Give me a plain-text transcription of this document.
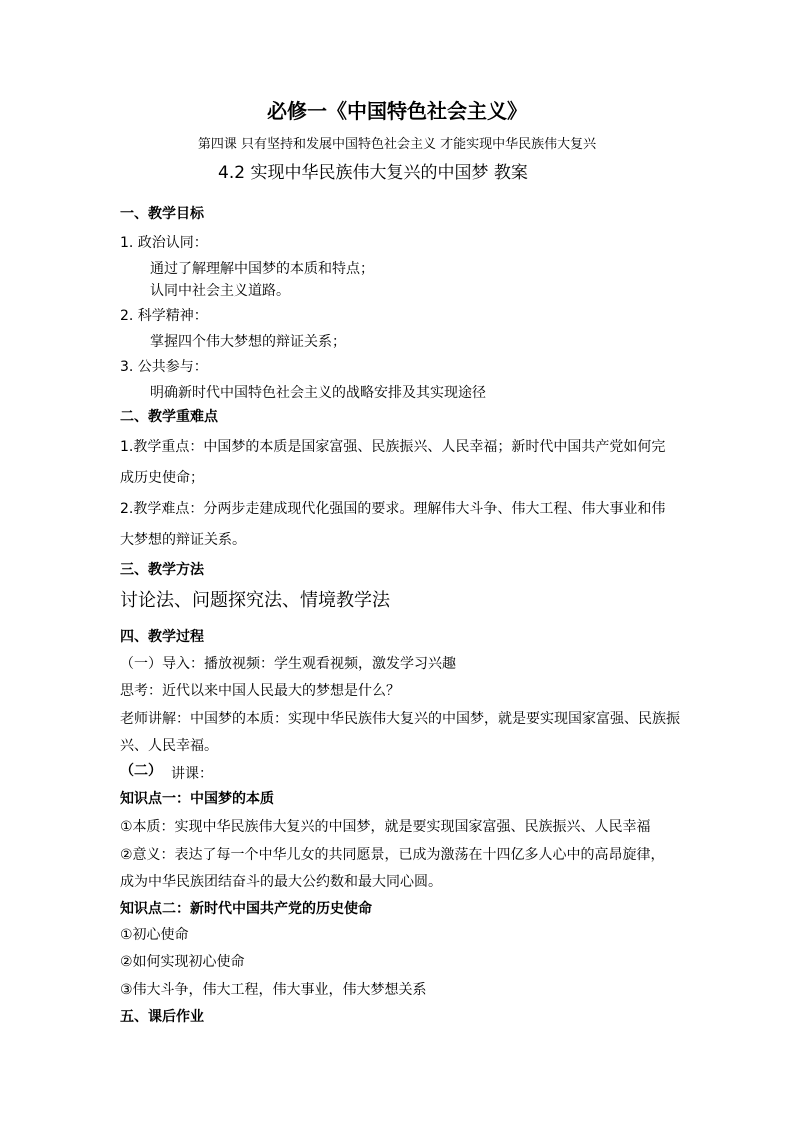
必修一《中国特色社会主义》
第四课 只有坚持和发展中国特色社会主义 才能实现中华民族伟大复兴
4.2 实现中华民族伟大复兴的中国梦 教案
一、教学目标
1. 政治认同：
通过了解理解中国梦的本质和特点；
认同中社会主义道路。
2. 科学精神：
掌握四个伟大梦想的辩证关系；
3. 公共参与：
明确新时代中国特色社会主义的战略安排及其实现途径
二、教学重难点
1.教学重点：中国梦的本质是国家富强、民族振兴、人民幸福；新时代中国共产党如何完
成历史使命；
2.教学难点：分两步走建成现代化强国的要求。理解伟大斗争、伟大工程、伟大事业和伟
大梦想的辩证关系。
三、教学方法
讨论法、问题探究法、情境教学法
四、教学过程
（一）导入：播放视频：学生观看视频，激发学习兴趣
思考：近代以来中国人民最大的梦想是什么？
老师讲解：中国梦的本质：实现中华民族伟大复兴的中国梦，就是要实现国家富强、民族振
兴、人民幸福。
（二） 讲课：
知识点一：中国梦的本质
①本质：实现中华民族伟大复兴的中国梦，就是要实现国家富强、民族振兴、人民幸福
②意义：表达了每一个中华儿女的共同愿景，已成为激荡在十四亿多人心中的高昂旋律，
成为中华民族团结奋斗的最大公约数和最大同心圆。
知识点二：新时代中国共产党的历史使命
①初心使命
②如何实现初心使命
③伟大斗争，伟大工程，伟大事业，伟大梦想关系
五、课后作业
